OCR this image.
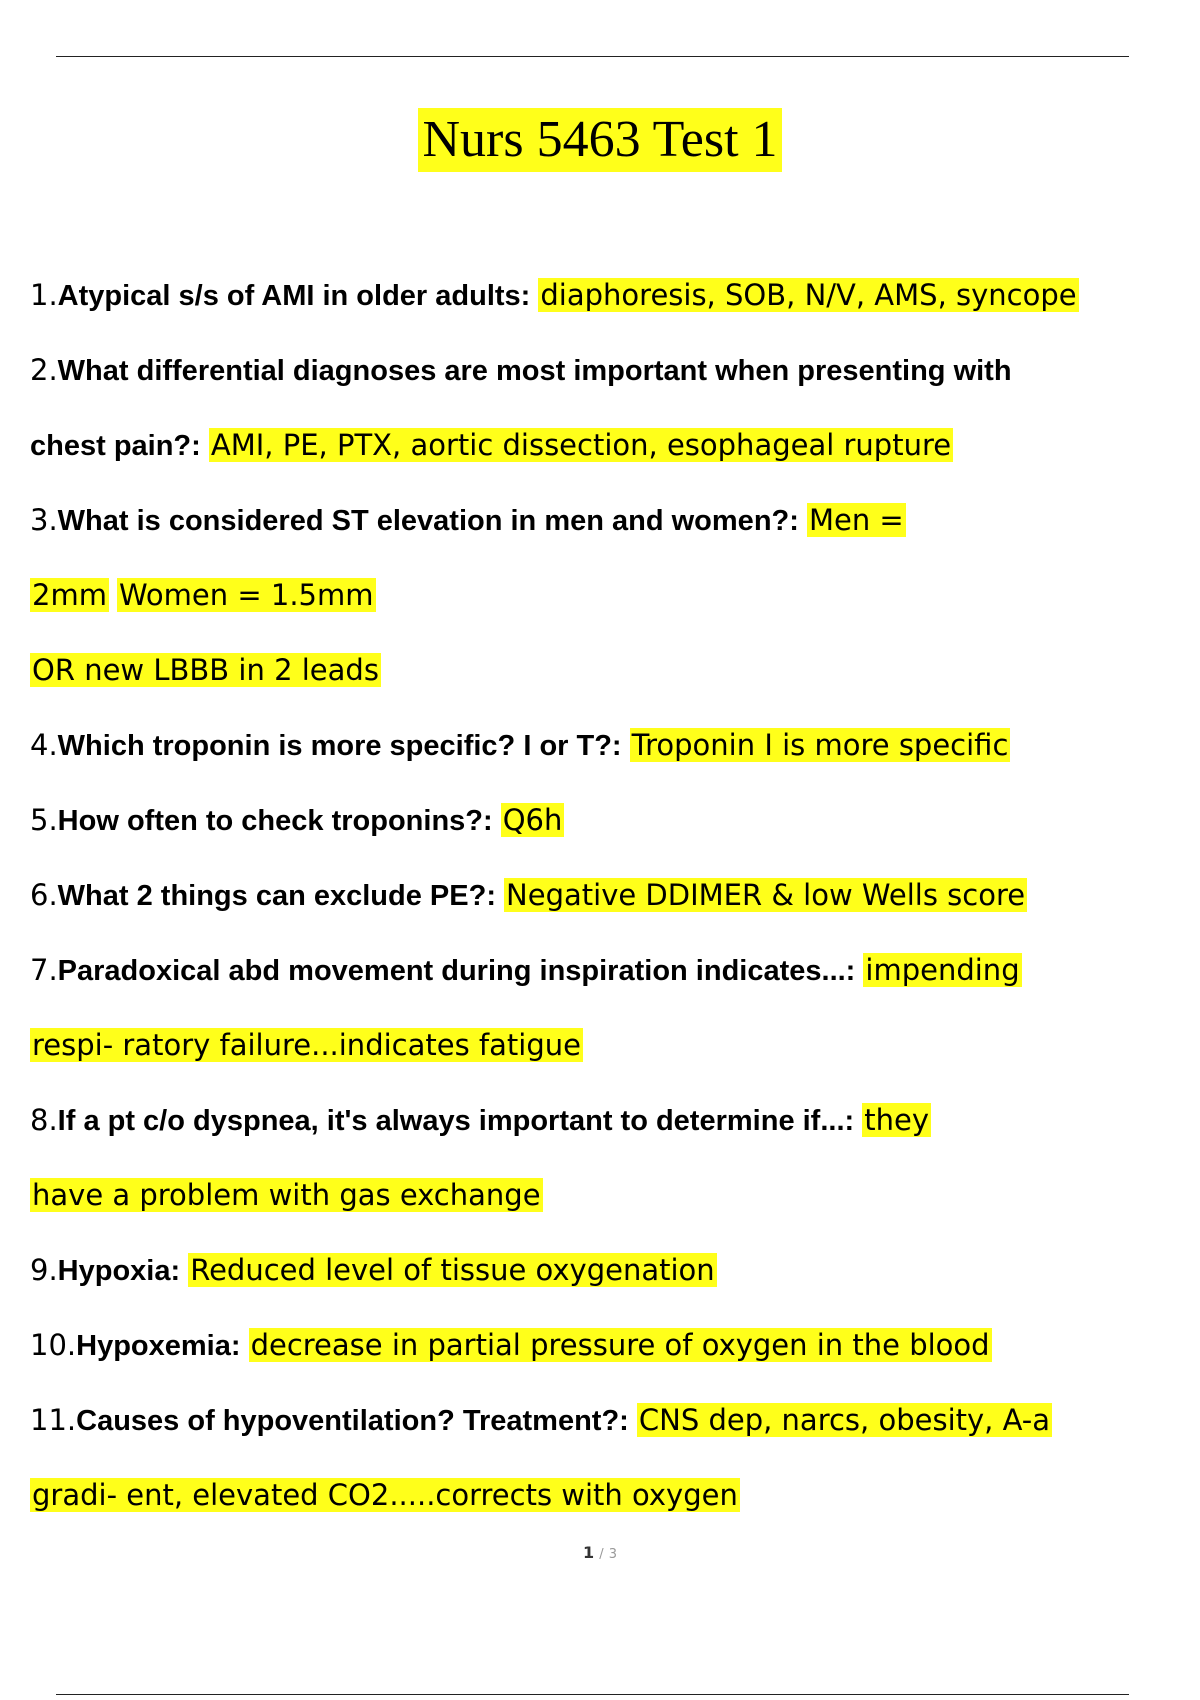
Nurs 5463 Test 1
1.Atypical s/s of AMI in older adults: diaphoresis, SOB, N/V, AMS, syncope
2.What differential diagnoses are most important when presenting with
chest pain?: AMI, PE, PTX, aortic dissection, esophageal rupture
3.What is considered ST elevation in men and women?: Men =
2mm Women = 1.5mm
OR new LBBB in 2 leads
4.Which troponin is more specific? I or T?: Troponin I is more specific
5.How often to check troponins?: Q6h
6.What 2 things can exclude PE?: Negative DDIMER & low Wells score
7.Paradoxical abd movement during inspiration indicates...: impending
respi- ratory failure...indicates fatigue
8.If a pt c/o dyspnea, it's always important to determine if...: they
have a problem with gas exchange
9.Hypoxia: Reduced level of tissue oxygenation
10.Hypoxemia: decrease in partial pressure of oxygen in the blood
11.Causes of hypoventilation? Treatment?: CNS dep, narcs, obesity, A-a
gradi- ent, elevated CO2.....corrects with oxygen
1 / 3
